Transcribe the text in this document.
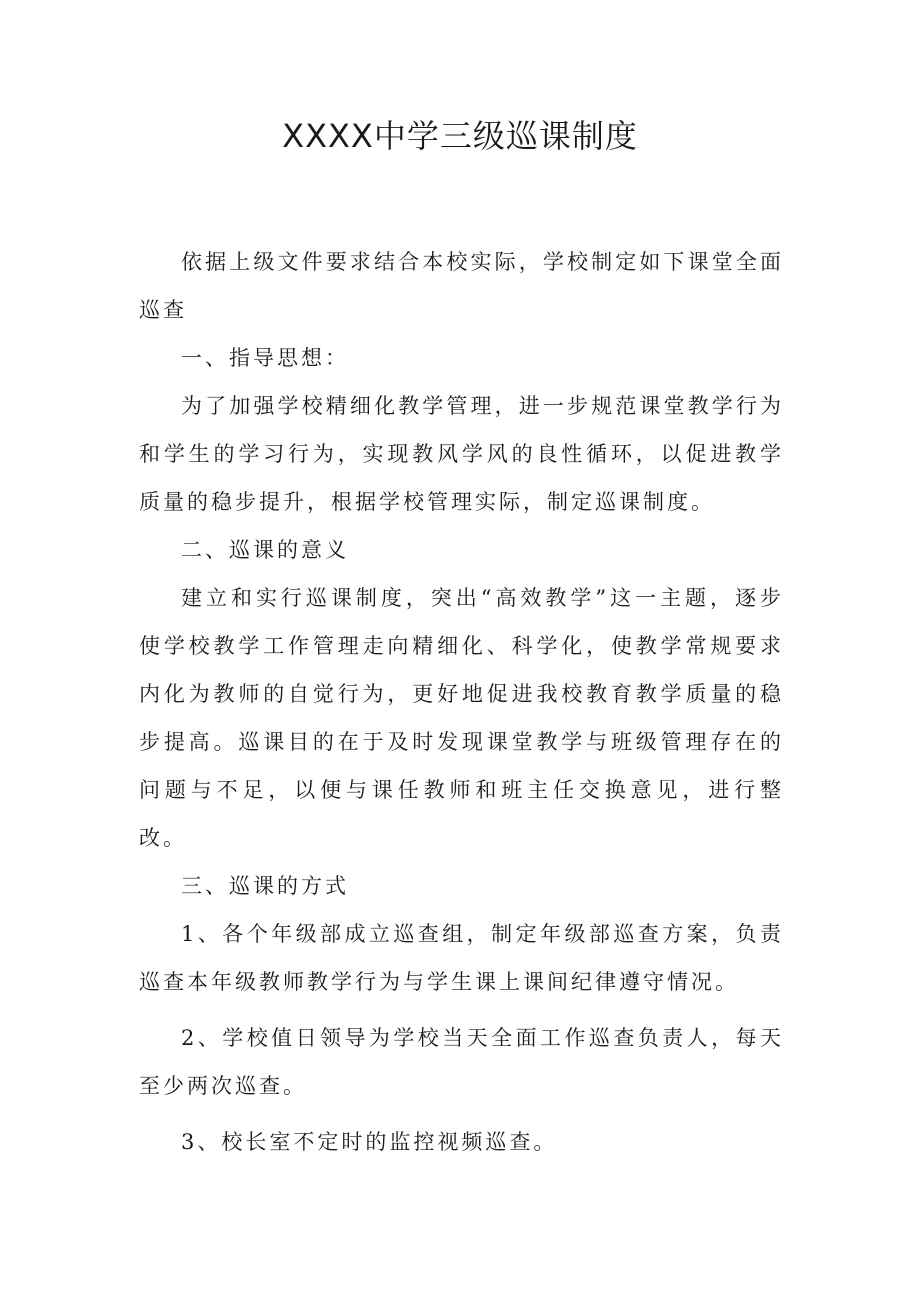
XXXX中学三级巡课制度

依据上级文件要求结合本校实际，学校制定如下课堂全面巡查

一、指导思想：

为了加强学校精细化教学管理，进一步规范课堂教学行为和学生的学习行为，实现教风学风的良性循环，以促进教学质量的稳步提升，根据学校管理实际，制定巡课制度。

二、巡课的意义

建立和实行巡课制度，突出“高效教学”这一主题，逐步使学校教学工作管理走向精细化、科学化，使教学常规要求内化为教师的自觉行为，更好地促进我校教育教学质量的稳步提高。巡课目的在于及时发现课堂教学与班级管理存在的问题与不足，以便与课任教师和班主任交换意见，进行整改。

三、巡课的方式

1、各个年级部成立巡查组，制定年级部巡查方案，负责巡查本年级教师教学行为与学生课上课间纪律遵守情况。

2、学校值日领导为学校当天全面工作巡查负责人，每天至少两次巡查。

3、校长室不定时的监控视频巡查。
